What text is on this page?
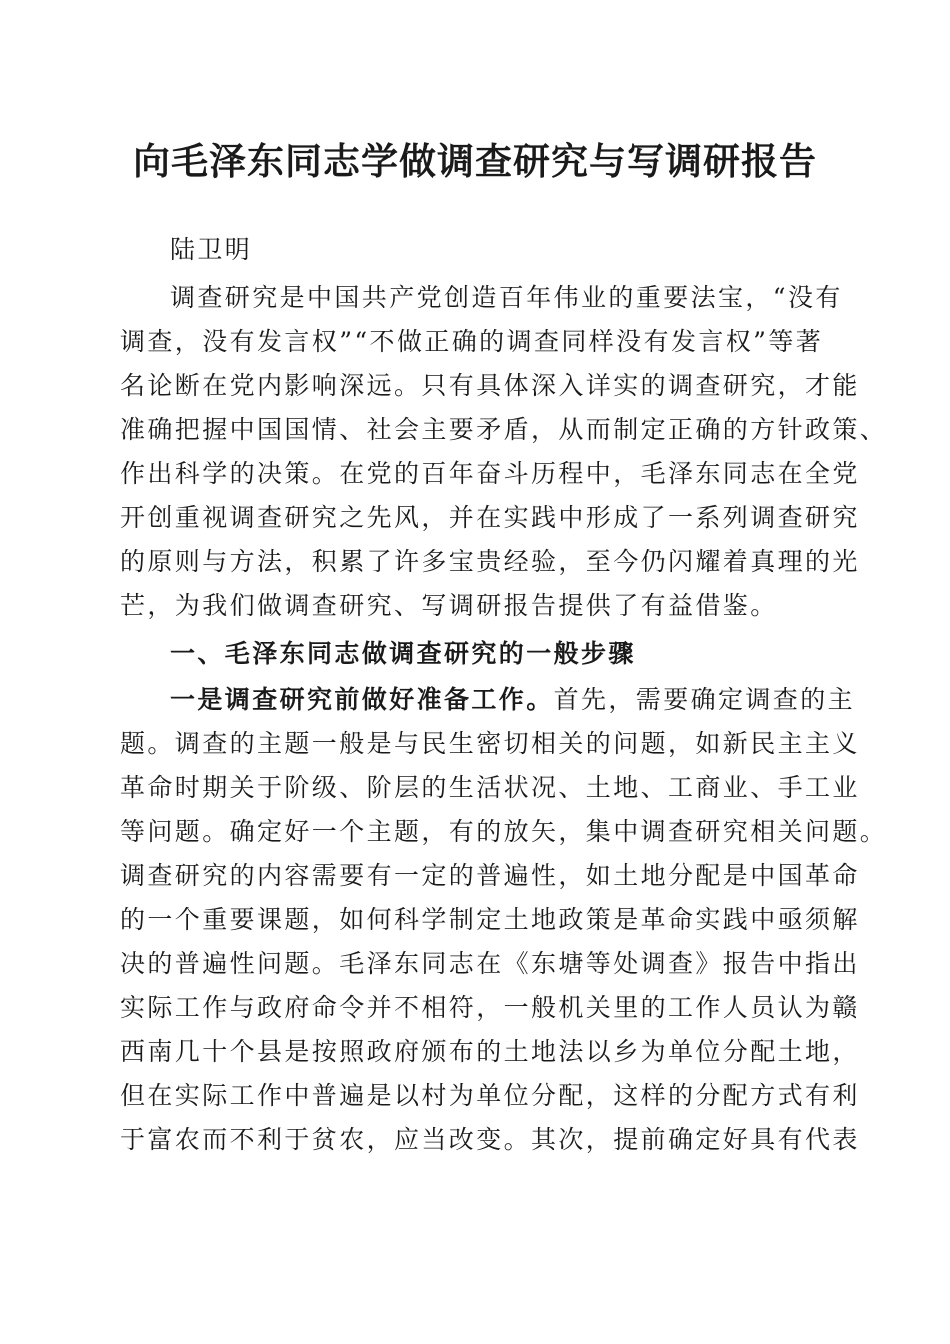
向毛泽东同志学做调查研究与写调研报告
陆卫明
调查研究是中国共产党创造百年伟业的重要法宝，“没有
调查，没有发言权”“不做正确的调查同样没有发言权”等著
名论断在党内影响深远。只有具体深入详实的调查研究，才能
准确把握中国国情、社会主要矛盾，从而制定正确的方针政策、
作出科学的决策。在党的百年奋斗历程中，毛泽东同志在全党
开创重视调查研究之先风，并在实践中形成了一系列调查研究
的原则与方法，积累了许多宝贵经验，至今仍闪耀着真理的光
芒，为我们做调查研究、写调研报告提供了有益借鉴。
一、毛泽东同志做调查研究的一般步骤
一是调查研究前做好准备工作。首先，需要确定调查的主
题。调查的主题一般是与民生密切相关的问题，如新民主主义
革命时期关于阶级、阶层的生活状况、土地、工商业、手工业
等问题。确定好一个主题，有的放矢，集中调查研究相关问题。
调查研究的内容需要有一定的普遍性，如土地分配是中国革命
的一个重要课题，如何科学制定土地政策是革命实践中亟须解
决的普遍性问题。毛泽东同志在《东塘等处调查》报告中指出
实际工作与政府命令并不相符，一般机关里的工作人员认为赣
西南几十个县是按照政府颁布的土地法以乡为单位分配土地，
但在实际工作中普遍是以村为单位分配，这样的分配方式有利
于富农而不利于贫农，应当改变。其次，提前确定好具有代表
